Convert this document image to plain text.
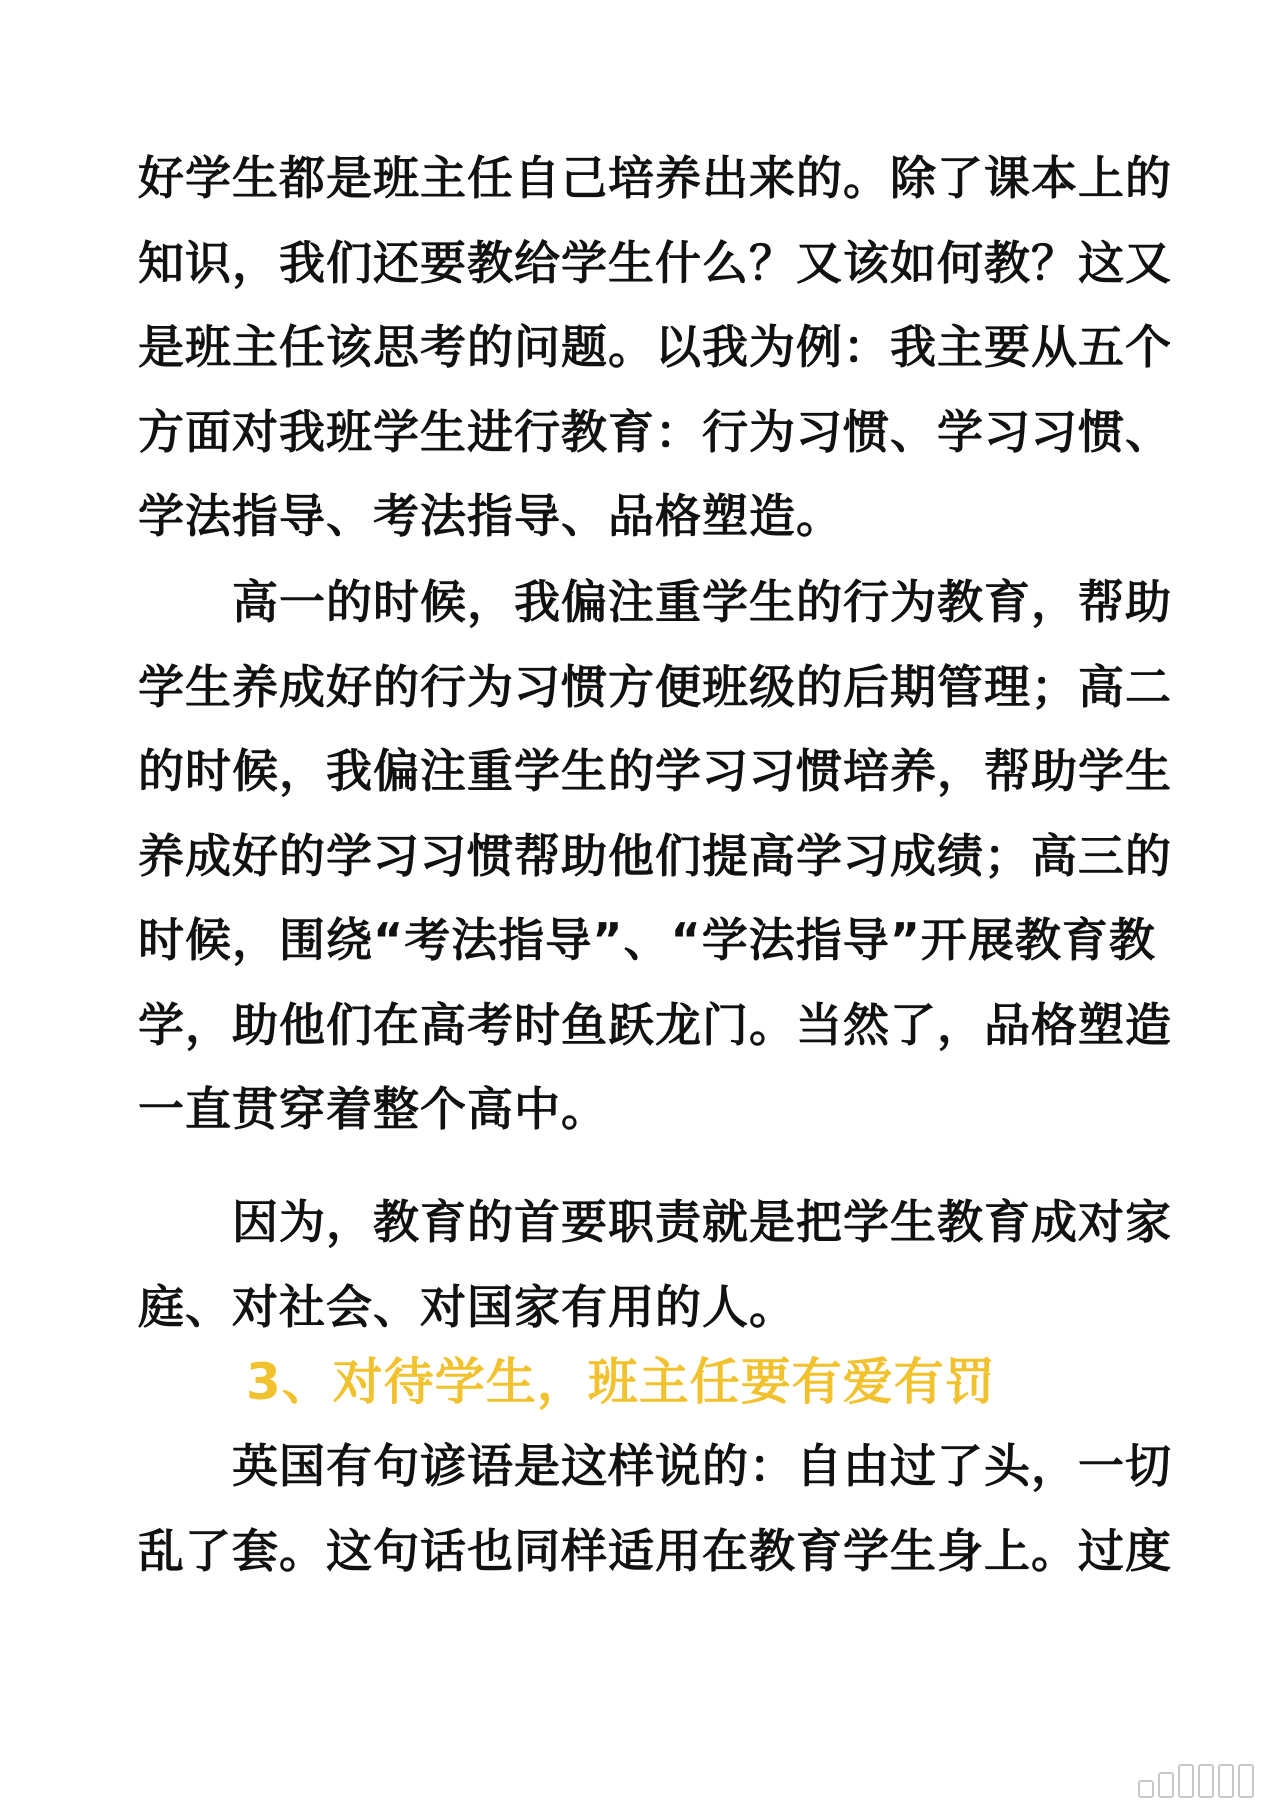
好学生都是班主任自己培养出来的。除了课本上的
知识，我们还要教给学生什么？又该如何教？这又
是班主任该思考的问题。以我为例：我主要从五个
方面对我班学生进行教育：行为习惯、学习习惯、
学法指导、考法指导、品格塑造。
高一的时候，我偏注重学生的行为教育，帮助
学生养成好的行为习惯方便班级的后期管理；高二
的时候，我偏注重学生的学习习惯培养，帮助学生
养成好的学习习惯帮助他们提高学习成绩；高三的
时候，围绕“考法指导”、“学法指导”开展教育教
学，助他们在高考时鱼跃龙门。当然了，品格塑造
一直贯穿着整个高中。
因为，教育的首要职责就是把学生教育成对家
庭、对社会、对国家有用的人。
3、对待学生，班主任要有爱有罚
英国有句谚语是这样说的：自由过了头，一切
乱了套。这句话也同样适用在教育学生身上。过度
